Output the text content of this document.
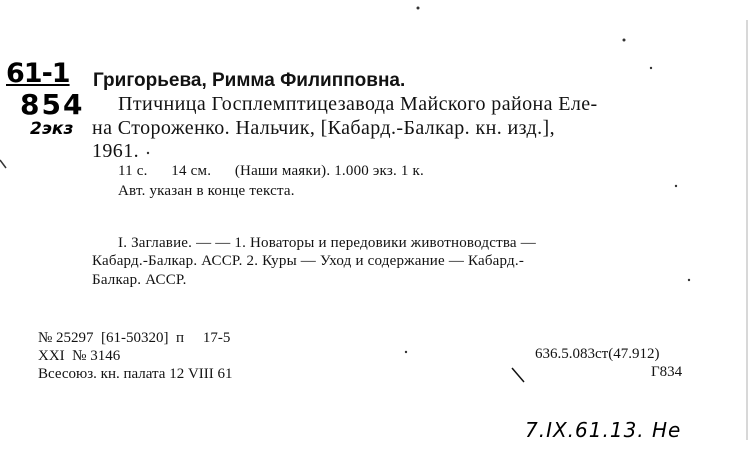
61-1
854
2экз
Григорьева, Римма Филипповна.
Птичница Госплемптицезавода Майского района Еле-
на Стороженко. Нальчик, [Кабард.-Балкар. кн. изд.],
1961.
11 с.      14 см.      (Наши маяки). 1.000 экз. 1 к.
Авт. указан в конце текста.
I. Заглавие. — — 1. Новаторы и передовики животноводства —
Кабард.-Балкар. АССР. 2. Куры — Уход и содержание — Кабард.-
Балкар. АССР.
№ 25297  [61-50320]  п     17-5
XXI  № 3146
Всесоюз. кн. палата 12 VIII 61
636.5.083ст(47.912)
Г834
7.IX.61.13. He
